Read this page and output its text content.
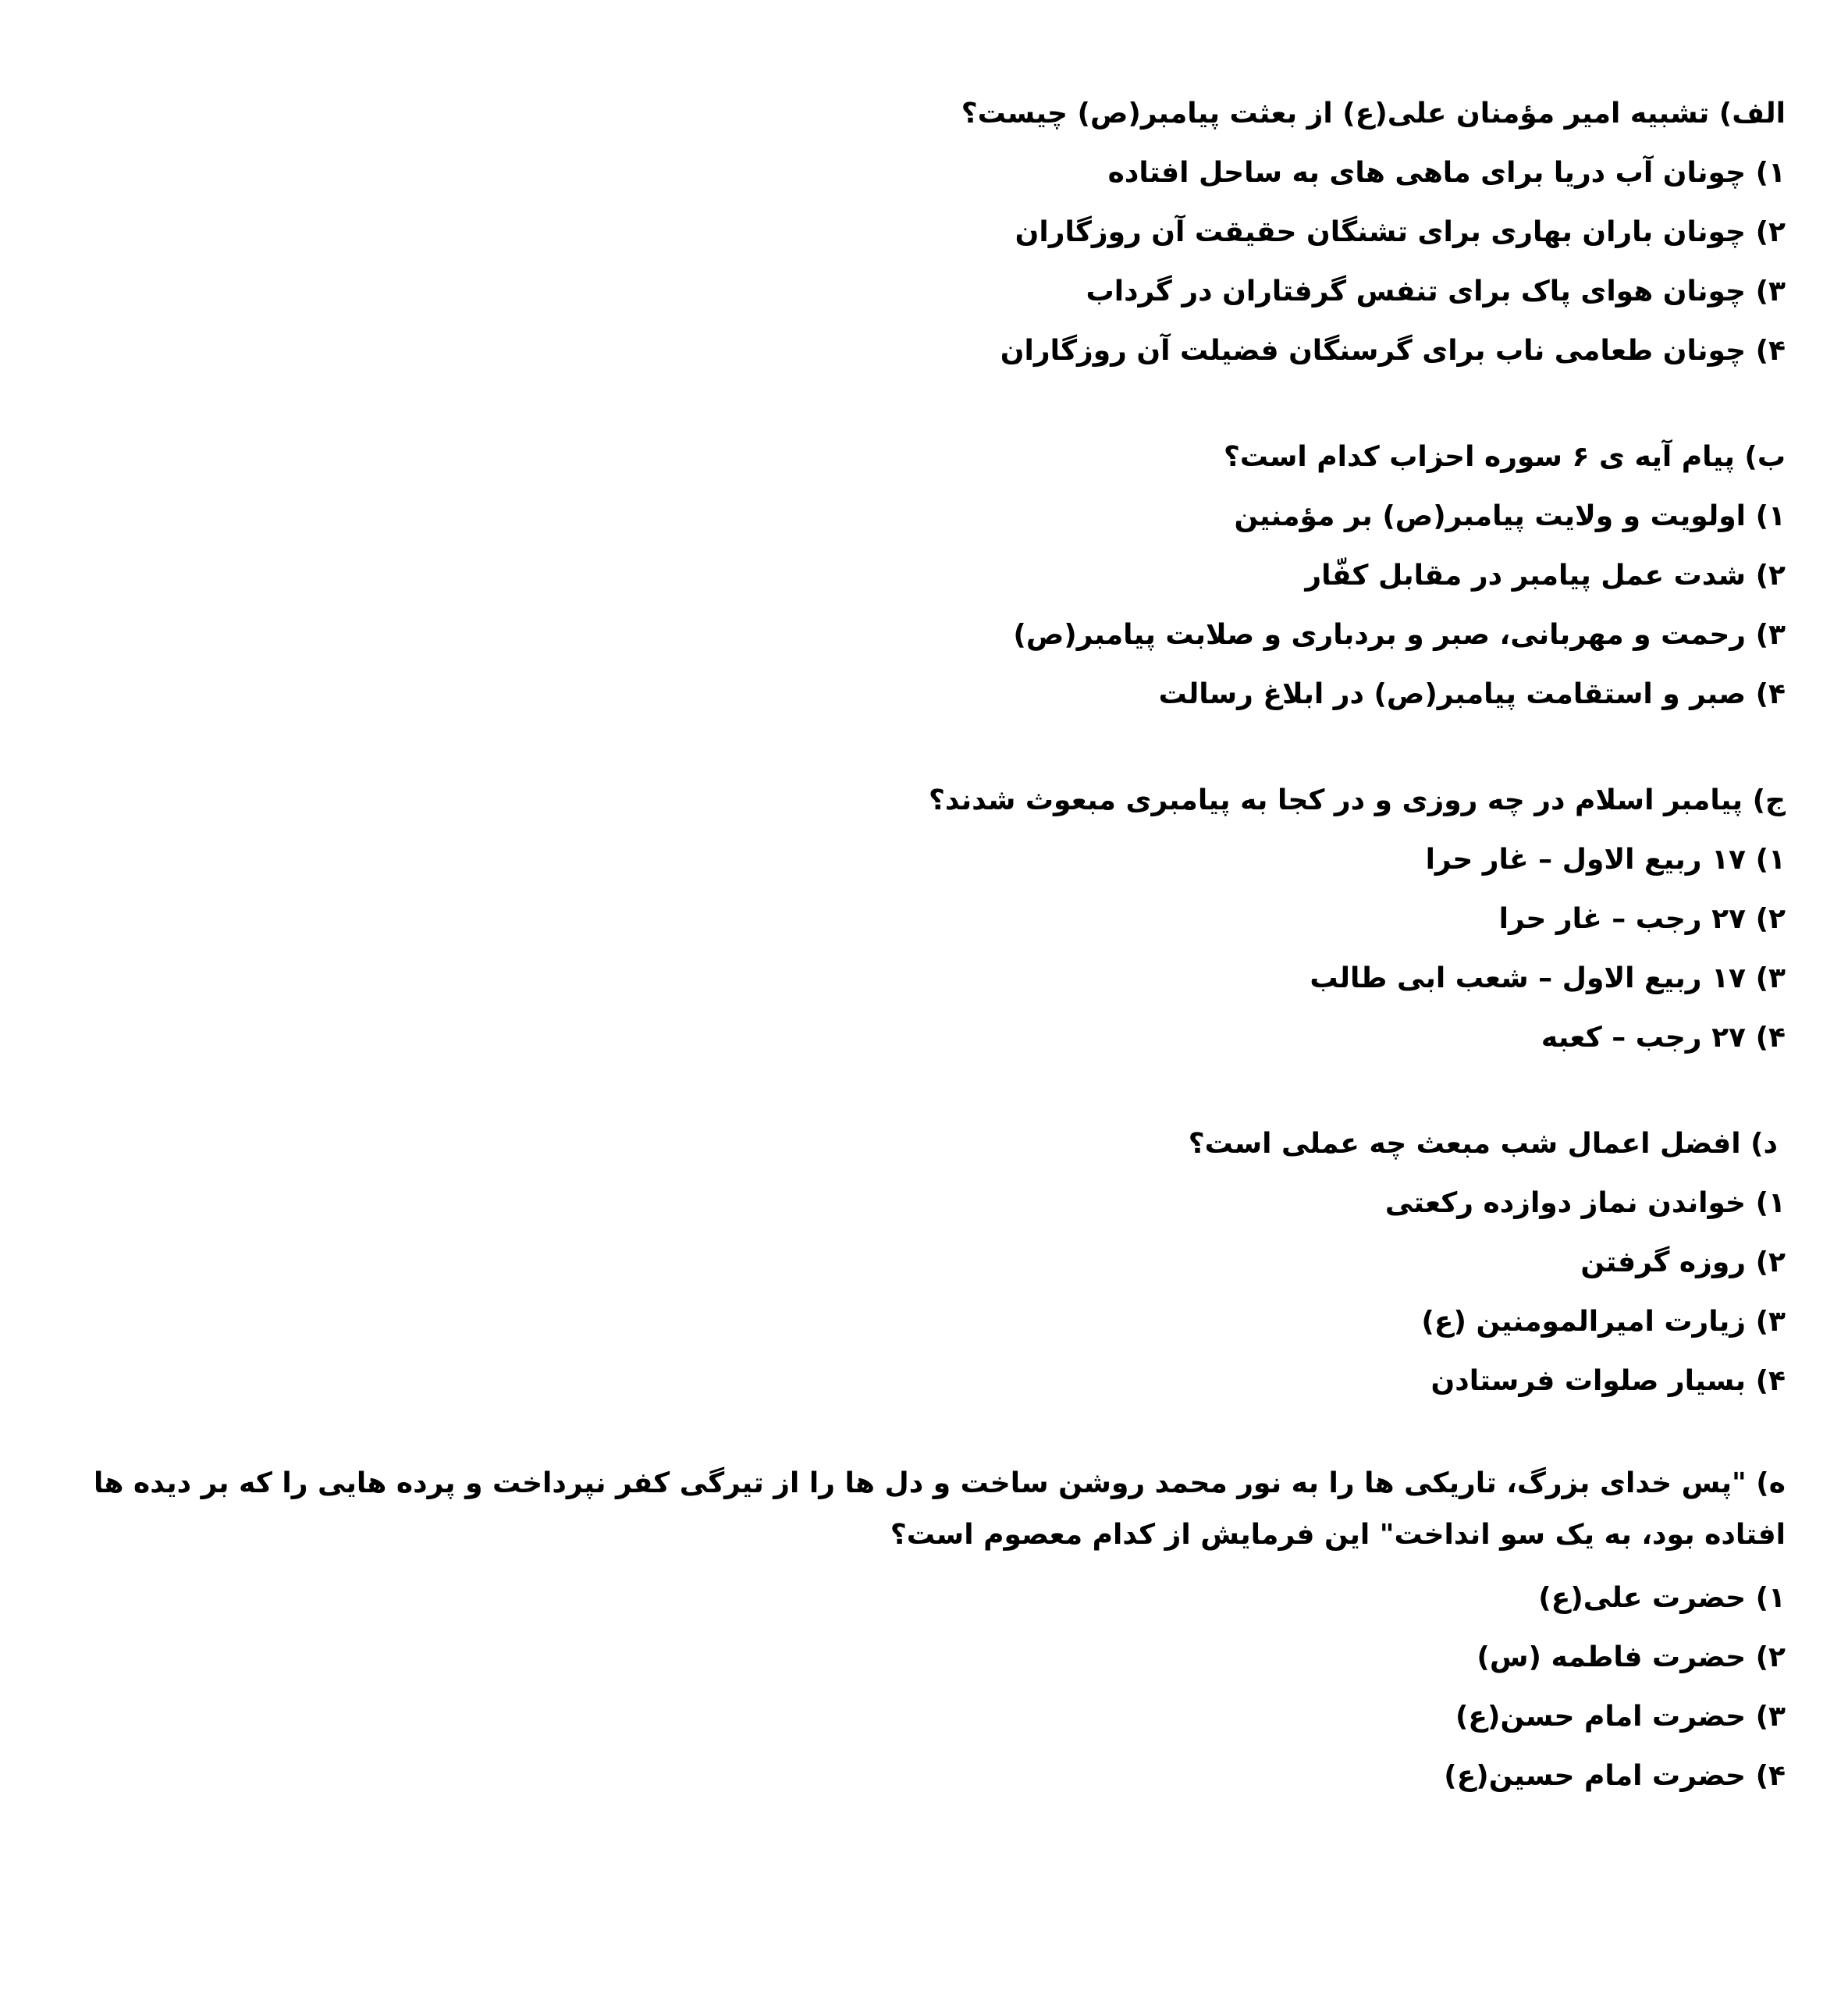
الف) تشبیه امیر مؤمنان علی(ع) از بعثت پیامبر(ص) چیست؟

۱)چونان آب دریا برای ماهی های به ساحل افتاده
۲)چونان باران بهاری برای تشنگان حقیقت آن روزگاران
۳)چونان هوای پاک برای تنفس گرفتاران در گرداب
۴)چونان طعامی ناب برای گرسنگان فضیلت آن روزگاران

ب) پیام آیه ی ۶ سوره احزاب کدام است؟

۱)اولویت و ولایت پیامبر(ص) بر مؤمنین
۲)شدت عمل پیامبر در مقابل کفّار
۳)رحمت و مهربانی، صبر و بردباری و صلابت پیامبر(ص)
۴)صبر و استقامت پیامبر(ص) در ابلاغ رسالت

ج) پیامبر اسلام در چه روزی و در کجا به پیامبری مبعوث شدند؟

۱)۱۷ ربیع الاول – غار حرا
۲)۲۷ رجب – غار حرا
۳)۱۷ ربیع الاول – شعب ابی طالب
۴)۲۷ رجب – کعبه

د) افضل اعمال شب مبعث چه عملی است؟

۱)خواندن نماز دوازده رکعتی
۲)روزه گرفتن
۳)زیارت امیرالمومنین (ع)
۴)بسیار صلوات فرستادن

ه) "پس خدای بزرگ، تاریکی ها را به نور محمد روشن ساخت و دل ها را از تیرگی کفر نپرداخت و پرده هایی را که بر دیده ها افتاده بود، به یک سو انداخت" این فرمایش از کدام معصوم است؟

۱)حضرت علی(ع)
۲)حضرت فاطمه (س)
۳)حضرت امام حسن(ع)
۴)حضرت امام حسین(ع)
